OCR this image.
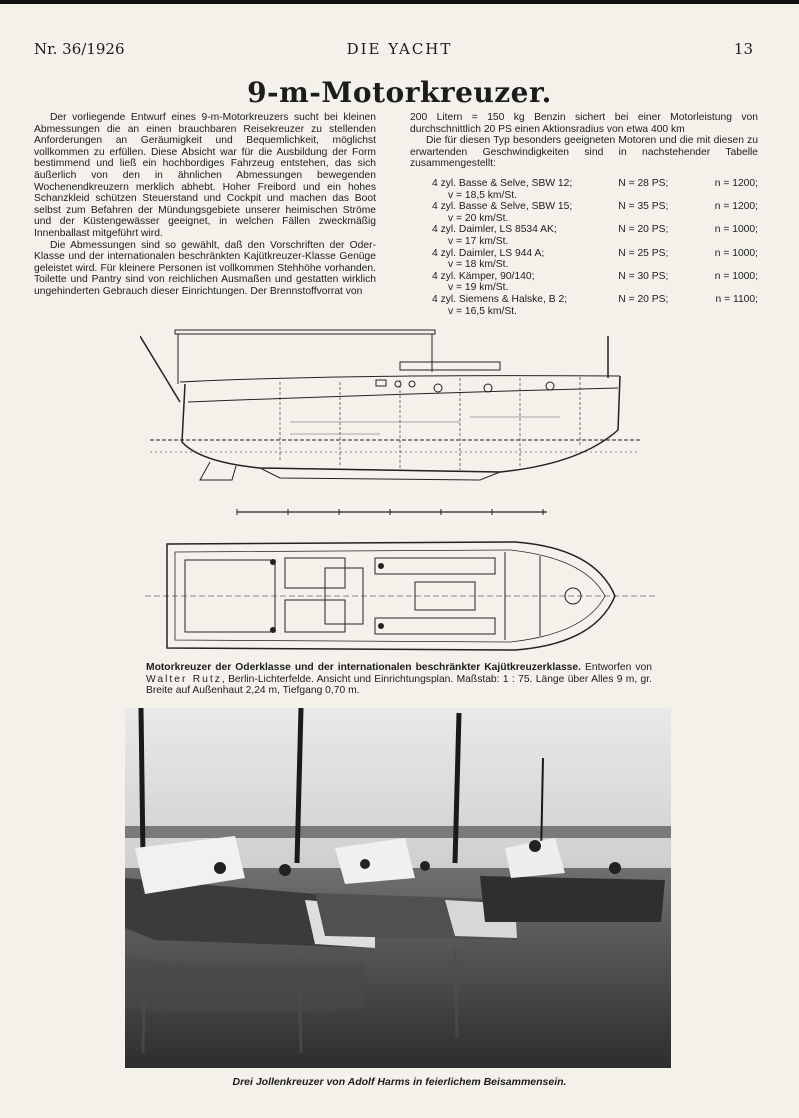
Nr. 36/1926	DIE YACHT	13
9-m-Motorkreuzer.

Der vorliegende Entwurf eines 9-m-Motorkreuzers sucht bei kleinen Abmessungen die an einen brauchbaren Reisekreuzer zu stellenden Anforderungen an Geräumigkeit und Bequemlichkeit, möglichst vollkommen zu erfüllen. Diese Absicht war für die Ausbildung der Form bestimmend und ließ ein hochbordiges Fahrzeug entstehen, das sich äußerlich von den in ähnlichen Abmessungen bewegenden Wochenendkreuzern merklich abhebt. Hoher Freibord und ein hohes Schanzkleid schützen Steuerstand und Cockpit und machen das Boot selbst zum Befahren der Mündungsgebiete unserer heimischen Ströme und der Küstengewässer geeignet, in welchen Fällen zweckmäßig Innenballast mitgeführt wird.

Die Abmessungen sind so gewählt, daß den Vorschriften der Oder-Klasse und der internationalen beschränkten Kajütkreuzer-Klasse Genüge geleistet wird. Für kleinere Personen ist vollkommen Stehhöhe vorhanden. Toilette und Pantry sind von reichlichen Ausmaßen und gestatten wirklich ungehinderten Gebrauch dieser Einrichtungen. Der Brennstoffvorrat von

200 Litern = 150 kg Benzin sichert bei einer Motorleistung von durchschnittlich 20 PS einen Aktionsradius von etwa 400 km

Die für diesen Typ besonders geeigneten Motoren und die mit diesen zu erwartenden Geschwindigkeiten sind in nachstehender Tabelle zusammengestellt:

4 zyl. Basse & Selve, SBW 12;	N = 28 PS;	n = 1200;
v = 18,5 km/St.
4 zyl. Basse & Selve, SBW 15;	N = 35 PS;	n = 1200;
v = 20 km/St.
4 zyl. Daimler, LS 8534 AK;	N = 20 PS;	n = 1000;
v = 17 km/St.
4 zyl. Daimler, LS 944 A;	N = 25 PS;	n = 1000;
v = 18 km/St.
4 zyl. Kämper, 90/140;	N = 30 PS;	n = 1000;
v = 19 km/St.
4 zyl. Siemens & Halske, B 2;	N = 20 PS;	n = 1100;
v = 16,5 km/St.
Motorkreuzer der Oderklasse und der internationalen beschränkter Kajütkreuzerklasse. Entworfen von Walter Rutz, Berlin-Lichterfelde. Ansicht und Einrichtungsplan. Maßstab: 1 : 75. Länge über Alles 9 m, gr. Breite auf Außenhaut 2,24 m, Tiefgang 0,70 m.
Drei Jollenkreuzer von Adolf Harms in feierlichem Beisammensein.
